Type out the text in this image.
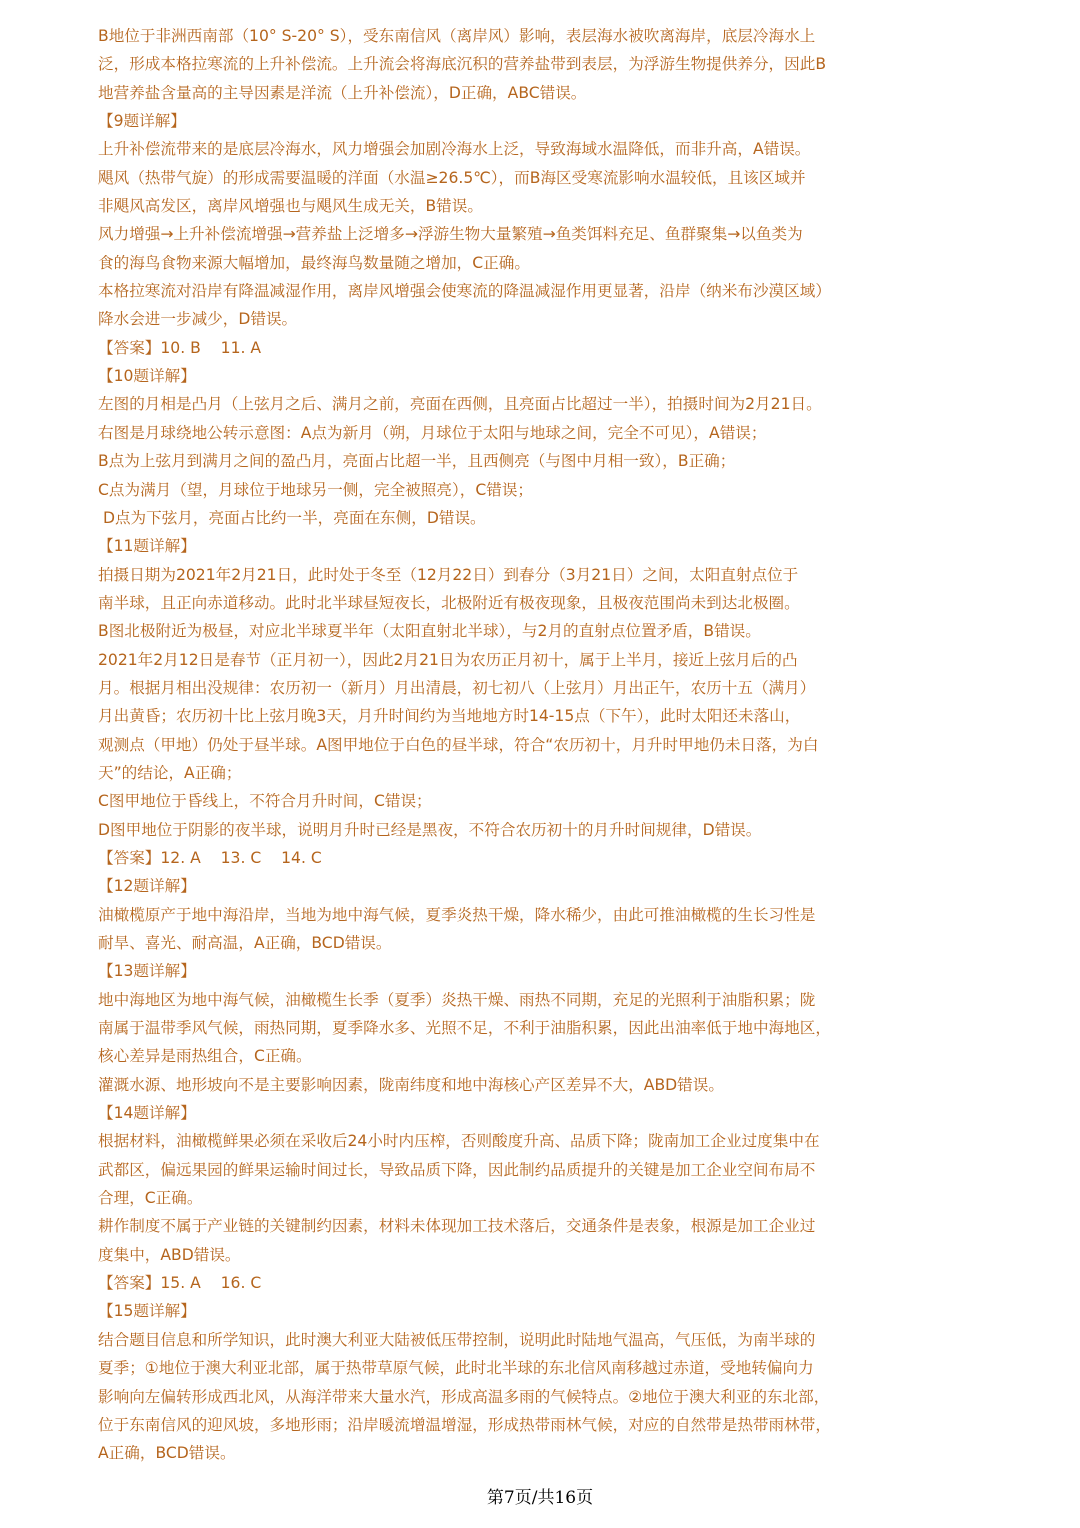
B地位于非洲西南部（10° S-20° S），受东南信风（离岸风）影响，表层海水被吹离海岸，底层冷海水上
泛，形成本格拉寒流的上升补偿流。上升流会将海底沉积的营养盐带到表层，为浮游生物提供养分，因此B
地营养盐含量高的主导因素是洋流（上升补偿流），D正确，ABC错误。
【9题详解】
上升补偿流带来的是底层冷海水，风力增强会加剧冷海水上泛，导致海域水温降低，而非升高，A错误。
飓风（热带气旋）的形成需要温暖的洋面（水温≥26.5℃），而B海区受寒流影响水温较低，且该区域并
非飓风高发区，离岸风增强也与飓风生成无关，B错误。
风力增强→上升补偿流增强→营养盐上泛增多→浮游生物大量繁殖→鱼类饵料充足、鱼群聚集→以鱼类为
食的海鸟食物来源大幅增加，最终海鸟数量随之增加，C正确。
本格拉寒流对沿岸有降温减湿作用，离岸风增强会使寒流的降温减湿作用更显著，沿岸（纳米布沙漠区域）
降水会进一步减少，D错误。
【答案】10. B    11. A
【10题详解】
左图的月相是凸月（上弦月之后、满月之前，亮面在西侧，且亮面占比超过一半），拍摄时间为2月21日。
右图是月球绕地公转示意图：A点为新月（朔，月球位于太阳与地球之间，完全不可见），A错误；
B点为上弦月到满月之间的盈凸月，亮面占比超一半，且西侧亮（与图中月相一致），B正确；
C点为满月（望，月球位于地球另一侧，完全被照亮），C错误；
D点为下弦月，亮面占比约一半，亮面在东侧，D错误。
【11题详解】
拍摄日期为2021年2月21日，此时处于冬至（12月22日）到春分（3月21日）之间，太阳直射点位于
南半球，且正向赤道移动。此时北半球昼短夜长，北极附近有极夜现象，且极夜范围尚未到达北极圈。
B图北极附近为极昼，对应北半球夏半年（太阳直射北半球），与2月的直射点位置矛盾，B错误。
2021年2月12日是春节（正月初一），因此2月21日为农历正月初十，属于上半月，接近上弦月后的凸
月。根据月相出没规律：农历初一（新月）月出清晨，初七初八（上弦月）月出正午，农历十五（满月）
月出黄昏；农历初十比上弦月晚3天，月升时间约为当地地方时14-15点（下午），此时太阳还未落山，
观测点（甲地）仍处于昼半球。A图甲地位于白色的昼半球，符合“农历初十，月升时甲地仍未日落，为白
天”的结论，A正确；
C图甲地位于昏线上，不符合月升时间，C错误；
D图甲地位于阴影的夜半球，说明月升时已经是黑夜，不符合农历初十的月升时间规律，D错误。
【答案】12. A    13. C    14. C
【12题详解】
油橄榄原产于地中海沿岸，当地为地中海气候，夏季炎热干燥，降水稀少，由此可推油橄榄的生长习性是
耐旱、喜光、耐高温，A正确，BCD错误。
【13题详解】
地中海地区为地中海气候，油橄榄生长季（夏季）炎热干燥、雨热不同期，充足的光照利于油脂积累；陇
南属于温带季风气候，雨热同期，夏季降水多、光照不足，不利于油脂积累，因此出油率低于地中海地区，
核心差异是雨热组合，C正确。
灌溉水源、地形坡向不是主要影响因素，陇南纬度和地中海核心产区差异不大，ABD错误。
【14题详解】
根据材料，油橄榄鲜果必须在采收后24小时内压榨，否则酸度升高、品质下降；陇南加工企业过度集中在
武都区，偏远果园的鲜果运输时间过长，导致品质下降，因此制约品质提升的关键是加工企业空间布局不
合理，C正确。
耕作制度不属于产业链的关键制约因素，材料未体现加工技术落后，交通条件是表象，根源是加工企业过
度集中，ABD错误。
【答案】15. A    16. C
【15题详解】
结合题目信息和所学知识，此时澳大利亚大陆被低压带控制，说明此时陆地气温高，气压低，为南半球的
夏季；①地位于澳大利亚北部，属于热带草原气候，此时北半球的东北信风南移越过赤道，受地转偏向力
影响向左偏转形成西北风，从海洋带来大量水汽，形成高温多雨的气候特点。②地位于澳大利亚的东北部，
位于东南信风的迎风坡，多地形雨；沿岸暖流增温增湿，形成热带雨林气候，对应的自然带是热带雨林带，
A正确，BCD错误。
第7页/共16页
